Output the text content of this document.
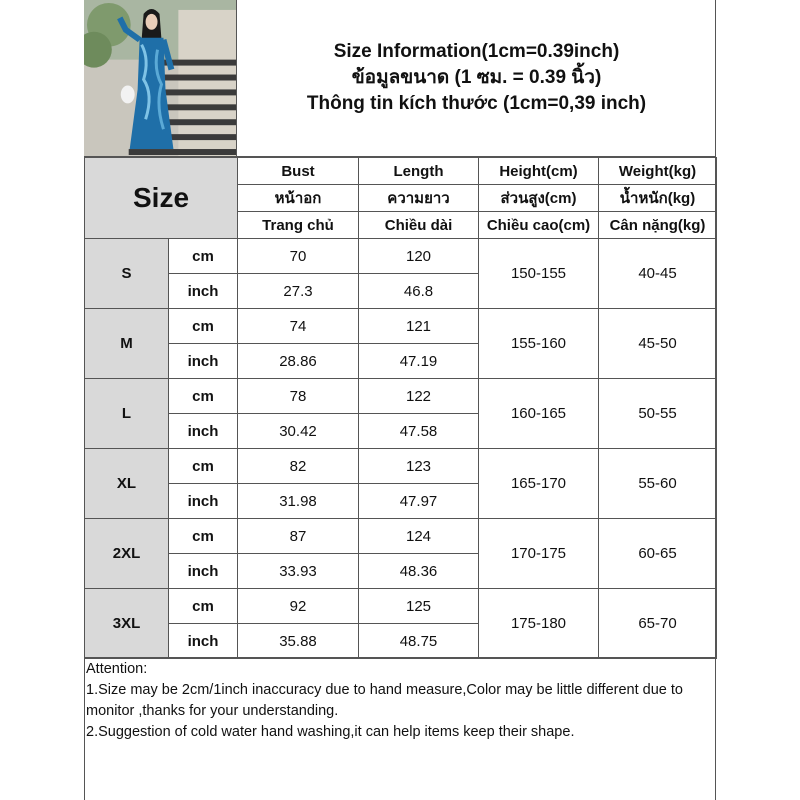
Size Information(1cm=0.39inch)
ข้อมูลขนาด (1 ซม. = 0.39 นิ้ว)
Thông tin kích thước (1cm=0,39 inch)
Size		Bust	Length	Height(cm)	Weight(kg)
		หน้าอก	ความยาว	ส่วนสูง(cm)	น้ำหนัก(kg)
		Trang chủ	Chiều dài	Chiều cao(cm)	Cân nặng(kg)
S	cm	70	120	150-155	40-45
	inch	27.3	46.8		
M	cm	74	121	155-160	45-50
	inch	28.86	47.19		
L	cm	78	122	160-165	50-55
	inch	30.42	47.58		
XL	cm	82	123	165-170	55-60
	inch	31.98	47.97		
2XL	cm	87	124	170-175	60-65
	inch	33.93	48.36		
3XL	cm	92	125	175-180	65-70
	inch	35.88	48.75		
Attention:
1.Size may be 2cm/1inch inaccuracy due to hand measure,Color may be little different due to monitor ,thanks for your understanding.
2.Suggestion of cold water hand washing,it can help items keep their shape.
